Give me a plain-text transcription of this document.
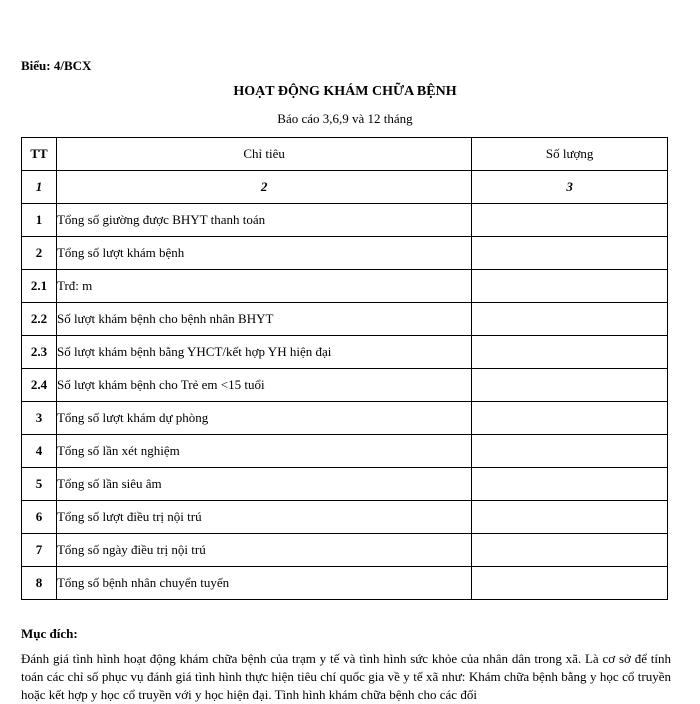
Biểu: 4/BCX
HOẠT ĐỘNG KHÁM CHỮA BỆNH
Báo cáo 3,6,9 và 12 tháng
TT	Chỉ tiêu	Số lượng
1	2	3
1	Tổng số giường được BHYT thanh toán	
2	Tổng số lượt khám bệnh	
2.1	Trđ: m	
2.2	Số lượt khám bệnh cho bệnh nhân BHYT	
2.3	Số lượt khám bệnh bằng YHCT/kết hợp YH hiện đại	
2.4	Số lượt khám bệnh cho Trẻ em <15 tuổi	
3	Tổng số lượt khám dự phòng	
4	Tổng số lần xét nghiệm	
5	Tổng số lần siêu âm	
6	Tổng số lượt điều trị nội trú	
7	Tổng số ngày điều trị nội trú	
8	Tổng số bệnh nhân chuyển tuyến	
Mục đích:
Đánh giá tình hình hoạt động khám chữa bệnh của trạm y tế và tình hình sức khỏe của nhân dân trong xã. Là cơ sở để tính toán các chỉ số phục vụ đánh giá tình hình thực hiện tiêu chí quốc gia về y tế xã như: Khám chữa bệnh bằng y học cổ truyền hoặc kết hợp y học cổ truyền với y học hiện đại. Tình hình khám chữa bệnh cho các đối
